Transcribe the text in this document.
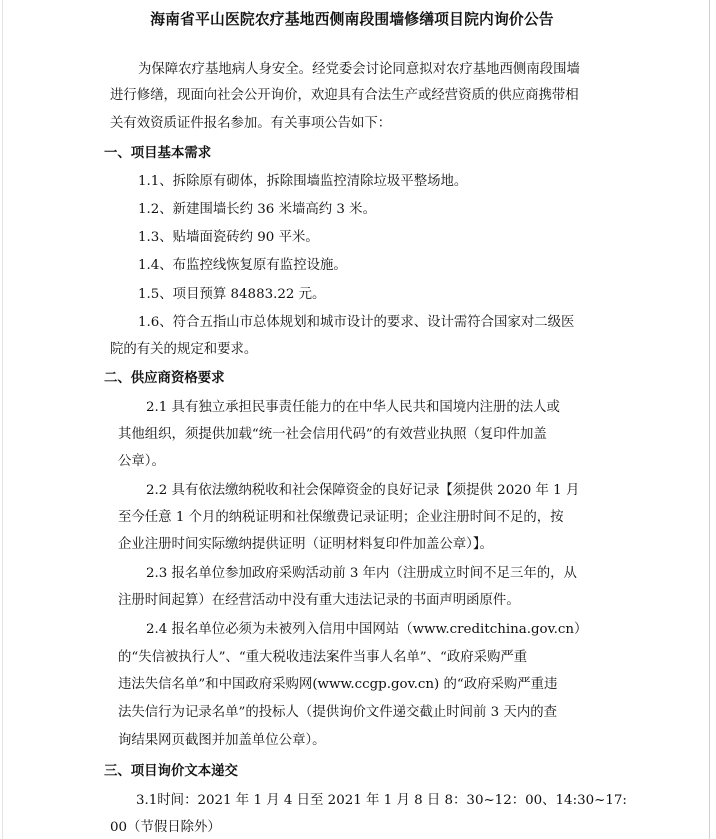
海南省平山医院农疗基地西侧南段围墙修缮项目院内询价公告
为保障农疗基地病人身安全。经党委会讨论同意拟对农疗基地西侧南段围墙
进行修缮，现面向社会公开询价，欢迎具有合法生产或经营资质的供应商携带相
关有效资质证件报名参加。有关事项公告如下：
一、项目基本需求
1.1、拆除原有砌体，拆除围墙监控清除垃圾平整场地。
1.2、新建围墙长约 36 米墙高约 3 米。
1.3、贴墙面瓷砖约 90 平米。
1.4、布监控线恢复原有监控设施。
1.5、项目预算 84883.22 元。
1.6、符合五指山市总体规划和城市设计的要求、设计需符合国家对二级医
院的有关的规定和要求。
二、供应商资格要求
2.1 具有独立承担民事责任能力的在中华人民共和国境内注册的法人或
其他组织，须提供加载“统一社会信用代码”的有效营业执照（复印件加盖
公章）。
2.2 具有依法缴纳税收和社会保障资金的良好记录【须提供 2020 年 1 月
至今任意 1 个月的纳税证明和社保缴费记录证明；企业注册时间不足的，按
企业注册时间实际缴纳提供证明（证明材料复印件加盖公章）】。
2.3 报名单位参加政府采购活动前 3 年内（注册成立时间不足三年的，从
注册时间起算）在经营活动中没有重大违法记录的书面声明函原件。
2.4 报名单位必须为未被列入信用中国网站（www.creditchina.gov.cn）
的“失信被执行人”、“重大税收违法案件当事人名单”、“政府采购严重
违法失信名单”和中国政府采购网(www.ccgp.gov.cn) 的“政府采购严重违
法失信行为记录名单”的投标人（提供询价文件递交截止时间前 3 天内的查
询结果网页截图并加盖单位公章）。
三、项目询价文本递交
3.1时间：2021 年 1 月 4 日至 2021 年 1 月 8 日 8：30~12：00、14:30~17:
00（节假日除外）
